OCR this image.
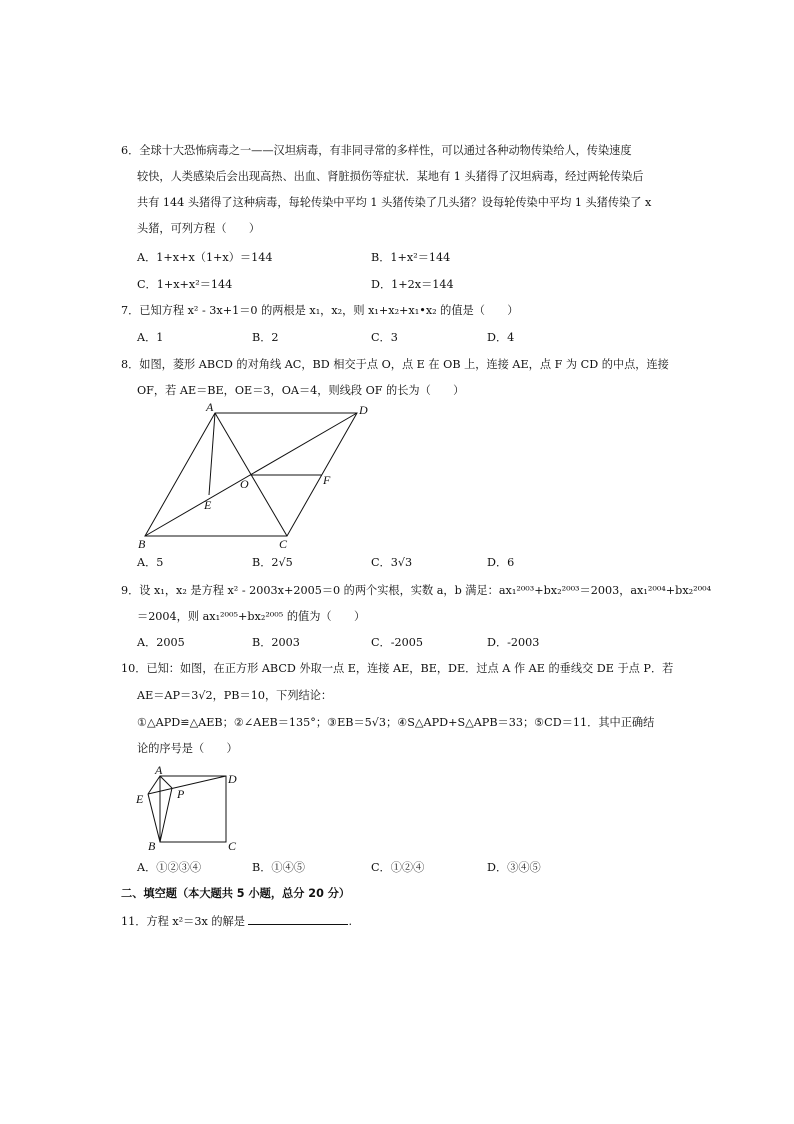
6．全球十大恐怖病毒之一——汉坦病毒，有非同寻常的多样性，可以通过各种动物传染给人，传染速度
较快，人类感染后会出现高热、出血、肾脏损伤等症状．某地有 1 头猪得了汉坦病毒，经过两轮传染后
共有 144 头猪得了这种病毒，每轮传染中平均 1 头猪传染了几头猪？设每轮传染中平均 1 头猪传染了 x
头猪，可列方程（　　）
A．1+x+x（1+x）＝144	B．1+x²＝144
C．1+x+x²＝144	D．1+2x＝144
7．已知方程 x² ‑ 3x+1＝0 的两根是 x₁，x₂，则 x₁+x₂+x₁•x₂ 的值是（　　）
A．1	B．2	C．3	D．4
8．如图，菱形 ABCD 的对角线 AC，BD 相交于点 O，点 E 在 OB 上，连接 AE，点 F 为 CD 的中点，连接
OF，若 AE＝BE，OE＝3，OA＝4，则线段 OF 的长为（　　）
A	D
O	F
E
B	C
A．5	B．2√5	C．3√3	D．6
9．设 x₁，x₂ 是方程 x² ‑ 2003x+2005＝0 的两个实根，实数 a，b 满足：ax₁²⁰⁰³+bx₂²⁰⁰³＝2003，ax₁²⁰⁰⁴+bx₂²⁰⁰⁴
＝2004，则 ax₁²⁰⁰⁵+bx₂²⁰⁰⁵ 的值为（　　）
A．2005	B．2003	C．‑2005	D．‑2003
10．已知：如图，在正方形 ABCD 外取一点 E，连接 AE，BE，DE．过点 A 作 AE 的垂线交 DE 于点 P．若
AE＝AP＝3√2，PB＝10，下列结论：
①△APD≌△AEB；②∠AEB＝135°；③EB＝5√3；④S△APD+S△APB＝33；⑤CD＝11．其中正确结
论的序号是（　　）
A
D
E	P
B	C
A．①②③④	B．①④⑤	C．①②④	D．③④⑤
二、填空题（本大题共 5 小题，总分 20 分）
11．方程 x²＝3x 的解是	.
